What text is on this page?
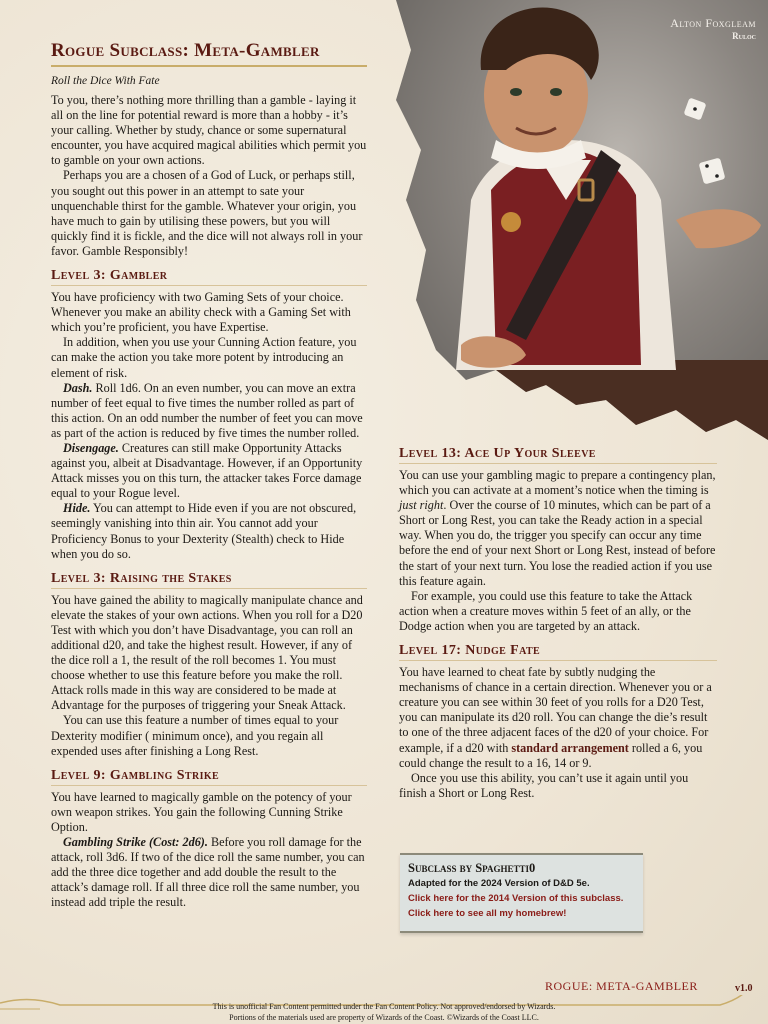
Alton Foxgleam
Ruloc
Rogue Subclass: Meta-Gambler
Roll the Dice With Fate

To you, there’s nothing more thrilling than a gamble - laying it all on the line for potential reward is more than a hobby - it’s your calling. Whether by study, chance or some supernatural encounter, you have acquired magical abilities which permit you to gamble on your own actions.

Perhaps you are a chosen of a God of Luck, or perhaps still, you sought out this power in an attempt to sate your unquenchable thirst for the gamble. Whatever your origin, you have much to gain by utilising these powers, but you will quickly find it is fickle, and the dice will not always roll in your favor. Gamble Responsibly!

Level 3: Gambler

You have proficiency with two Gaming Sets of your choice. Whenever you make an ability check with a Gaming Set with which you’re proficient, you have Expertise.

In addition, when you use your Cunning Action feature, you can make the action you take more potent by introducing an element of risk.

Dash. Roll 1d6. On an even number, you can move an extra number of feet equal to five times the number rolled as part of this action. On an odd number the number of feet you can move as part of the action is reduced by five times the number rolled.

Disengage. Creatures can still make Opportunity Attacks against you, albeit at Disadvantage. However, if an Opportunity Attack misses you on this turn, the attacker takes Force damage equal to your Rogue level.

Hide. You can attempt to Hide even if you are not obscured, seemingly vanishing into thin air. You cannot add your Proficiency Bonus to your Dexterity (Stealth) check to Hide when you do so.

Level 3: Raising the Stakes

You have gained the ability to magically manipulate chance and elevate the stakes of your own actions. When you roll for a D20 Test with which you don’t have Disadvantage, you can roll an additional d20, and take the highest result. However, if any of the dice roll a 1, the result of the roll becomes 1. You must choose whether to use this feature before you make the roll. Attack rolls made in this way are considered to be made at Advantage for the purposes of triggering your Sneak Attack.

You can use this feature a number of times equal to your Dexterity modifier ( minimum once), and you regain all expended uses after finishing a Long Rest.

Level 9: Gambling Strike

You have learned to magically gamble on the potency of your own weapon strikes. You gain the following Cunning Strike Option.

Gambling Strike (Cost: 2d6). Before you roll damage for the attack, roll 3d6. If two of the dice roll the same number, you can add the three dice together and add double the result to the attack’s damage roll. If all three dice roll the same number, you instead add triple the result.

Level 13: Ace Up Your Sleeve

You can use your gambling magic to prepare a contingency plan, which you can activate at a moment’s notice when the timing is just right. Over the course of 10 minutes, which can be part of a Short or Long Rest, you can take the Ready action in a special way. When you do, the trigger you specify can occur any time before the end of your next Short or Long Rest, instead of before the start of your next turn. You lose the readied action if you use this feature again.

For example, you could use this feature to take the Attack action when a creature moves within 5 feet of an ally, or the Dodge action when you are targeted by an attack.

Level 17: Nudge Fate

You have learned to cheat fate by subtly nudging the mechanisms of chance in a certain direction. Whenever you or a creature you can see within 30 feet of you rolls for a D20 Test, you can manipulate its d20 roll. You can change the die’s result to one of the three adjacent faces of the d20 of your choice. For example, if a d20 with standard arrangement rolled a 6, you could change the result to a 16, 14 or 9.

Once you use this ability, you can’t use it again until you finish a Short or Long Rest.

Subclass by Spaghetti0
Adapted for the 2024 Version of D&D 5e.
Click here for the 2014 Version of this subclass.
Click here to see all my homebrew!
ROGUE: META-GAMBLER	v1.0
This is unofficial Fan Content permitted under the Fan Content Policy. Not approved/endorsed by Wizards.
Portions of the materials used are property of Wizards of the Coast. ©Wizards of the Coast LLC.
